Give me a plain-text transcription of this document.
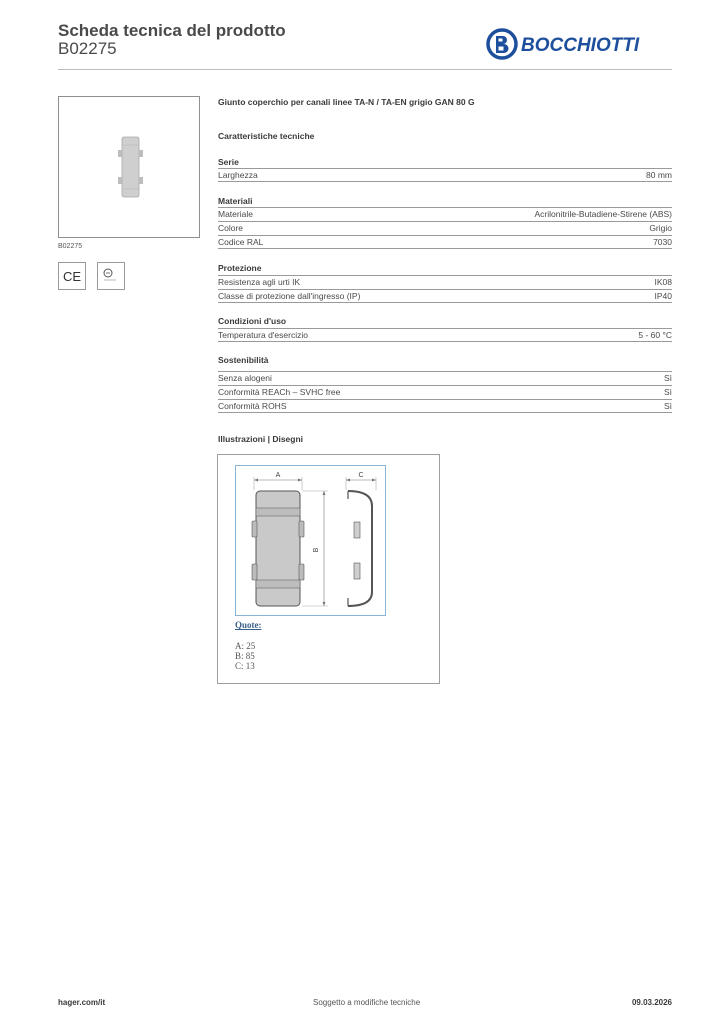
Scheda tecnica del prodotto
B02275	BOCCHIOTTI
B02275
CE
Giunto coperchio per canali linee TA-N / TA-EN grigio GAN 80 G
Caratteristiche tecniche
Serie
Larghezza	80 mm
Materiali
Materiale	Acrilonitrile-Butadiene-Stirene (ABS)
Colore	Grigio
Codice RAL	7030
Protezione
Resistenza agli urti IK	IK08
Classe di protezione dall'ingresso (IP)	IP40
Condizioni d'uso
Temperatura d'esercizio	5 - 60 °C
Sostenibilità
Senza alogeni	Sì
Conformità REACh – SVHC free	Sì
Conformità ROHS	Sì
Illustrazioni | Disegni
A
B
C
Quote:
A: 25
B: 85
C: 13
hager.com/it	Soggetto a modifiche tecniche	09.03.2026
